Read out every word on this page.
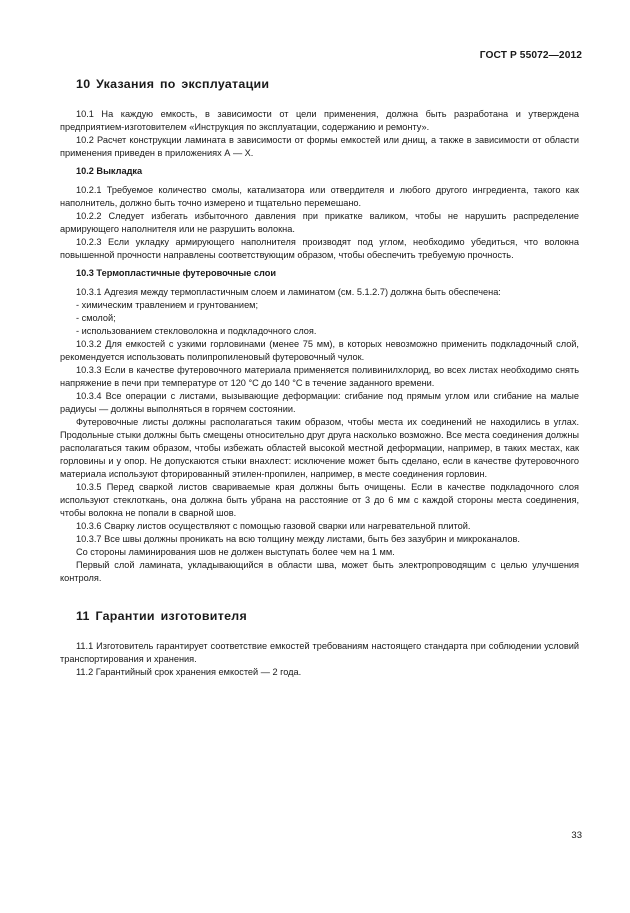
ГОСТ Р 55072—2012
10 Указания по эксплуатации

10.1 На каждую емкость, в зависимости от цели применения, должна быть разработана и утверждена предприятием-изготовителем «Инструкция по эксплуатации, содержанию и ремонту».

10.2 Расчет конструкции ламината в зависимости от формы емкостей или днищ, а также в зависимости от области применения приведен в приложениях А — Х.

10.2 Выкладка

10.2.1 Требуемое количество смолы, катализатора или отвердителя и любого другого ингредиента, такого как наполнитель, должно быть точно измерено и тщательно перемешано.

10.2.2 Следует избегать избыточного давления при прикатке валиком, чтобы не нарушить распределение армирующего наполнителя или не разрушить волокна.

10.2.3 Если укладку армирующего наполнителя производят под углом, необходимо убедиться, что волокна повышенной прочности направлены соответствующим образом, чтобы обеспечить требуемую прочность.

10.3 Термопластичные футеровочные слои

10.3.1 Адгезия между термопластичным слоем и ламинатом (см. 5.1.2.7) должна быть обеспечена:

- химическим травлением и грунтованием;

- смолой;

- использованием стекловолокна и подкладочного слоя.

10.3.2 Для емкостей с узкими горловинами (менее 75 мм), в которых невозможно применить подкладочный слой, рекомендуется использовать полипропиленовый футеровочный чулок.

10.3.3 Если в качестве футеровочного материала применяется поливинилхлорид, во всех листах необходимо снять напряжение в печи при температуре от 120 °С до 140 °С в течение заданного времени.

10.3.4 Все операции с листами, вызывающие деформации: сгибание под прямым углом или сгибание на малые радиусы — должны выполняться в горячем состоянии.

Футеровочные листы должны располагаться таким образом, чтобы места их соединений не находились в углах. Продольные стыки должны быть смещены относительно друг друга насколько возможно. Все места соединения должны располагаться таким образом, чтобы избежать областей высокой местной деформации, например, в таких местах, как горловины и у опор. Не допускаются стыки внахлест: исключение может быть сделано, если в качестве футеровочного материала используют фторированный этилен-пропилен, например, в месте соединения горловин.

10.3.5 Перед сваркой листов свариваемые края должны быть очищены. Если в качестве подкладочного слоя используют стеклоткань, она должна быть убрана на расстояние от 3 до 6 мм с каждой стороны места соединения, чтобы волокна не попали в сварной шов.

10.3.6 Сварку листов осуществляют с помощью газовой сварки или нагревательной плитой.

10.3.7 Все швы должны проникать на всю толщину между листами, быть без зазубрин и микроканалов.

Со стороны ламинирования шов не должен выступать более чем на 1 мм.

Первый слой ламината, укладывающийся в области шва, может быть электропроводящим с целью улучшения контроля.

11 Гарантии изготовителя

11.1 Изготовитель гарантирует соответствие емкостей требованиям настоящего стандарта при соблюдении условий транспортирования и хранения.

11.2 Гарантийный срок хранения емкостей — 2 года.

33
